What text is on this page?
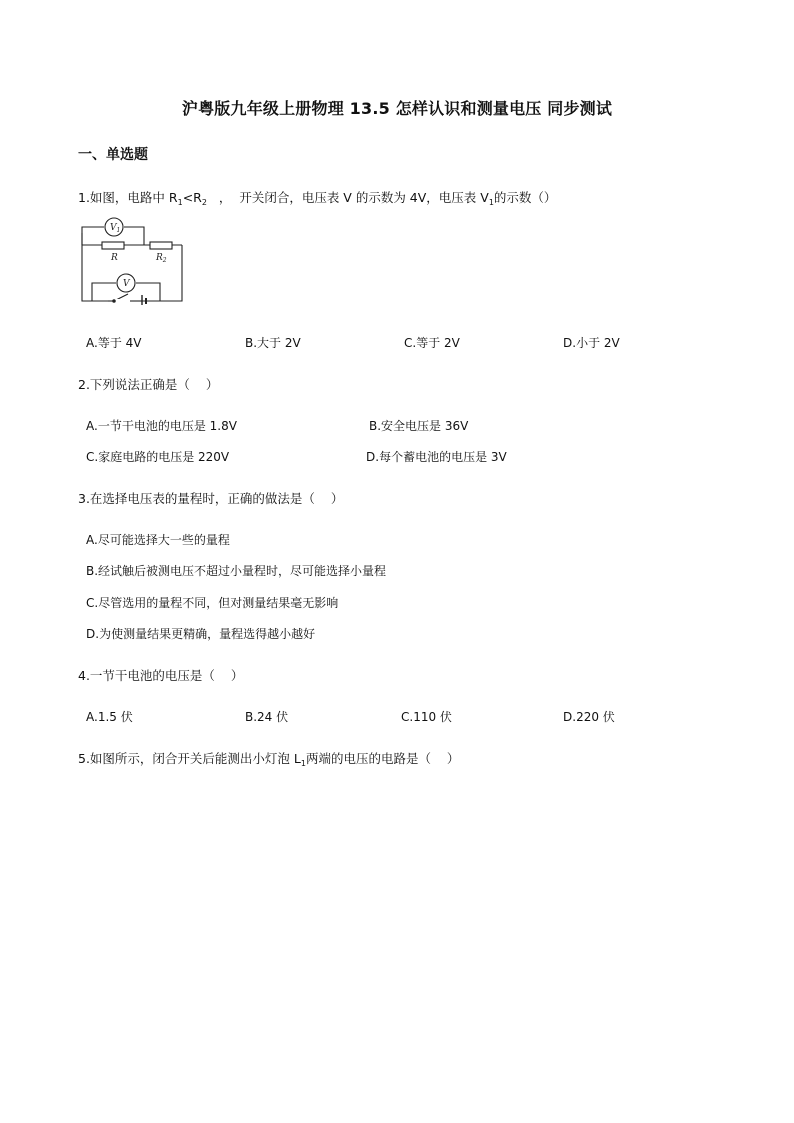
沪粤版九年级上册物理 13.5 怎样认识和测量电压 同步测试
一、单选题
1.如图，电路中 $R_1<R_2$   ，  开关闭合，电压表 V 的示数为 4V，电压表 $V_1$的示数（）
$V_1$
V
R	$R_2$
A.等于 4V	B.大于 2V	C.等于 2V	D.小于 2V
2.下列说法正确是（    ）
A.一节干电池的电压是 1.8V	B.安全电压是 36V
C.家庭电路的电压是 220V	D.每个蓄电池的电压是 3V
3.在选择电压表的量程时，正确的做法是（    ）
A.尽可能选择大一些的量程
B.经试触后被测电压不超过小量程时，尽可能选择小量程
C.尽管选用的量程不同，但对测量结果毫无影响
D.为使测量结果更精确，量程选得越小越好
4.一节干电池的电压是（    ）
A.1.5 伏	B.24 伏	C.110 伏	D.220 伏
5.如图所示，闭合开关后能测出小灯泡 $L_1$两端的电压的电路是（    ）
